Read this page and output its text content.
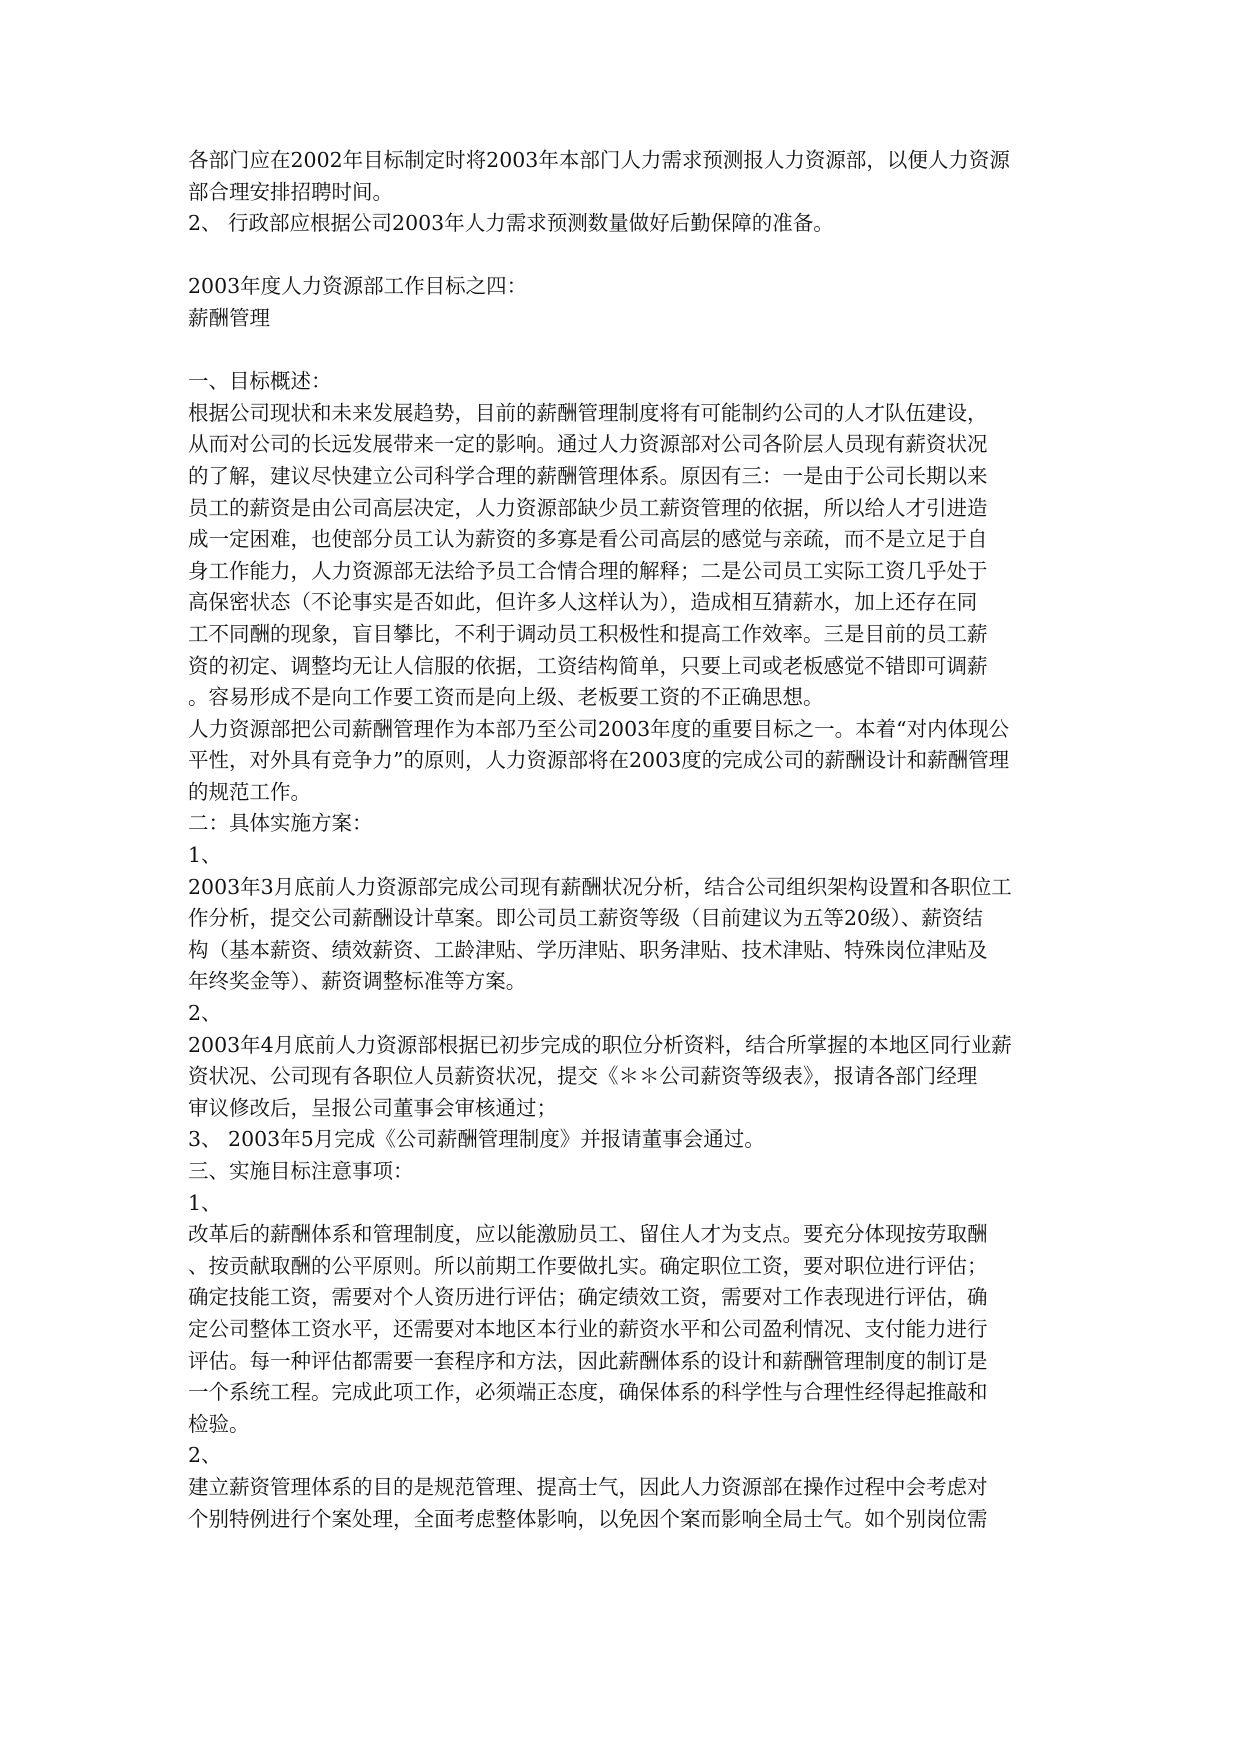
各部门应在2002年目标制定时将2003年本部门人力需求预测报人力资源部，以便人力资源
部合理安排招聘时间。
2、 行政部应根据公司2003年人力需求预测数量做好后勤保障的准备。
2003年度人力资源部工作目标之四：
薪酬管理
一、目标概述：
根据公司现状和未来发展趋势，目前的薪酬管理制度将有可能制约公司的人才队伍建设，
从而对公司的长远发展带来一定的影响。通过人力资源部对公司各阶层人员现有薪资状况
的了解，建议尽快建立公司科学合理的薪酬管理体系。原因有三：一是由于公司长期以来
员工的薪资是由公司高层决定，人力资源部缺少员工薪资管理的依据，所以给人才引进造
成一定困难，也使部分员工认为薪资的多寡是看公司高层的感觉与亲疏，而不是立足于自
身工作能力，人力资源部无法给予员工合情合理的解释；二是公司员工实际工资几乎处于
高保密状态（不论事实是否如此，但许多人这样认为），造成相互猜薪水，加上还存在同
工不同酬的现象，盲目攀比，不利于调动员工积极性和提高工作效率。三是目前的员工薪
资的初定、调整均无让人信服的依据，工资结构简单，只要上司或老板感觉不错即可调薪
。容易形成不是向工作要工资而是向上级、老板要工资的不正确思想。
人力资源部把公司薪酬管理作为本部乃至公司2003年度的重要目标之一。本着“对内体现公
平性，对外具有竞争力”的原则，人力资源部将在2003度的完成公司的薪酬设计和薪酬管理
的规范工作。
二：具体实施方案：
1、
2003年3月底前人力资源部完成公司现有薪酬状况分析，结合公司组织架构设置和各职位工
作分析，提交公司薪酬设计草案。即公司员工薪资等级（目前建议为五等20级）、薪资结
构（基本薪资、绩效薪资、工龄津贴、学历津贴、职务津贴、技术津贴、特殊岗位津贴及
年终奖金等）、薪资调整标准等方案。
2、
2003年4月底前人力资源部根据已初步完成的职位分析资料，结合所掌握的本地区同行业薪
资状况、公司现有各职位人员薪资状况，提交《＊＊公司薪资等级表》，报请各部门经理
审议修改后，呈报公司董事会审核通过；
3、 2003年5月完成《公司薪酬管理制度》并报请董事会通过。
三、实施目标注意事项：
1、
改革后的薪酬体系和管理制度，应以能激励员工、留住人才为支点。要充分体现按劳取酬
、按贡献取酬的公平原则。所以前期工作要做扎实。确定职位工资，要对职位进行评估；
确定技能工资，需要对个人资历进行评估；确定绩效工资，需要对工作表现进行评估，确
定公司整体工资水平，还需要对本地区本行业的薪资水平和公司盈利情况、支付能力进行
评估。每一种评估都需要一套程序和方法，因此薪酬体系的设计和薪酬管理制度的制订是
一个系统工程。完成此项工作，必须端正态度，确保体系的科学性与合理性经得起推敲和
检验。
2、
建立薪资管理体系的目的是规范管理、提高士气，因此人力资源部在操作过程中会考虑对
个别特例进行个案处理，全面考虑整体影响，以免因个案而影响全局士气。如个别岗位需
